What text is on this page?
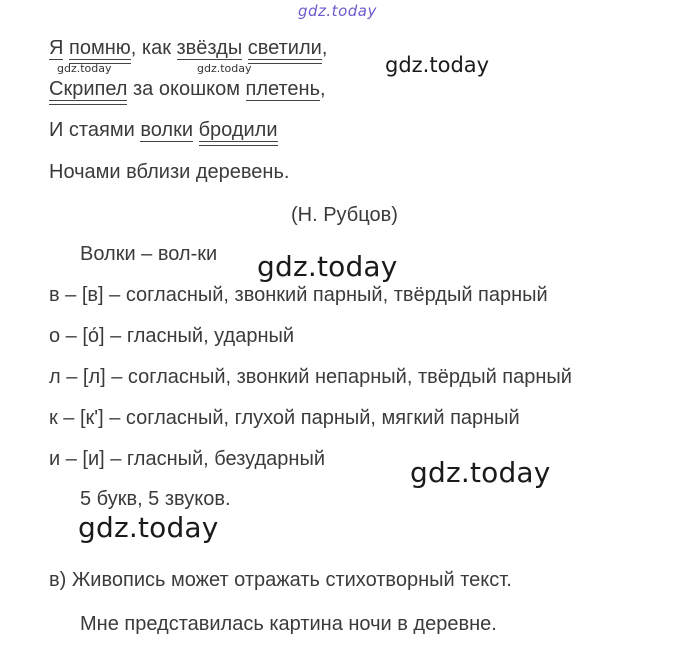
gdz.today
Я помню, как звёзды светили,
gdz.today	gdz.today	gdz.today
Скрипел за окошком плетень,
И стаями волки бродили
Ночами вблизи деревень.
(Н. Рубцов)
Волки – вол-ки gdz.today
в – [в] – согласный, звонкий парный, твёрдый парный
о – [о́] – гласный, ударный
л – [л] – согласный, звонкий непарный, твёрдый парный
к – [к'] – согласный, глухой парный, мягкий парный
и – [и] – гласный, безударный	gdz.today
5 букв, 5 звуков.
gdz.today
в) Живопись может отражать стихотворный текст.
Мне представилась картина ночи в деревне.
